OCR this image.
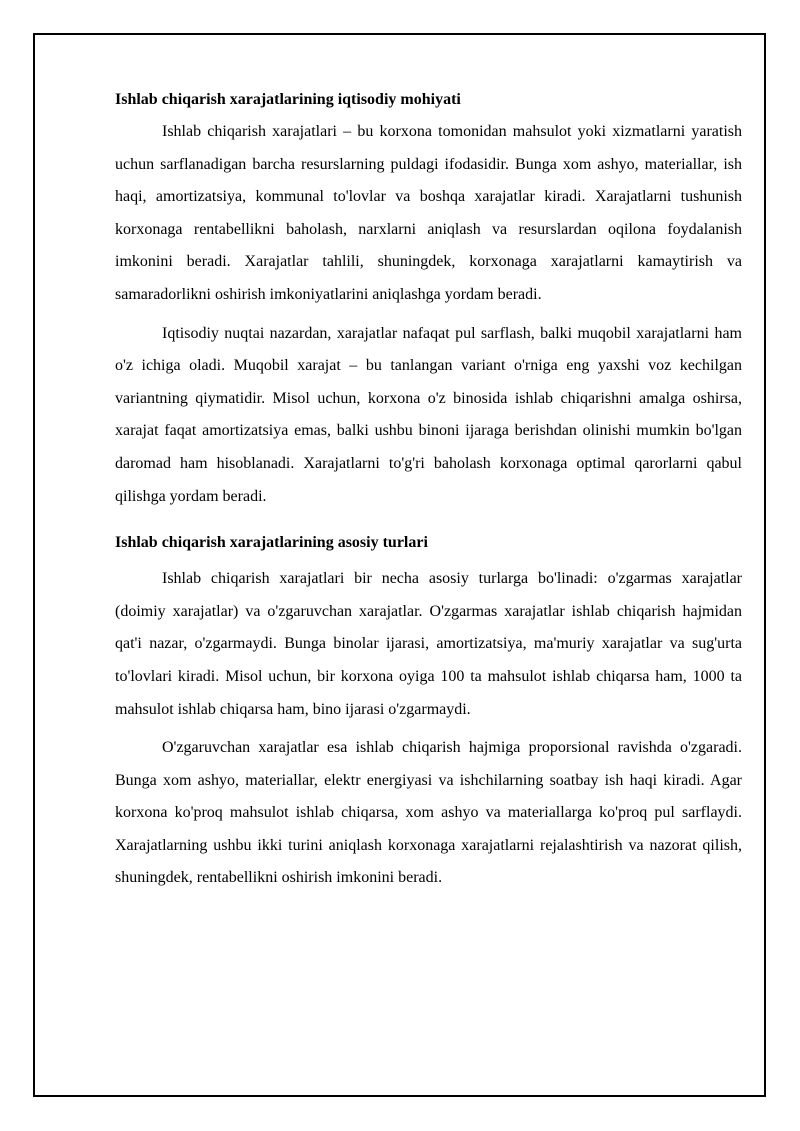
Ishlab chiqarish xarajatlarining iqtisodiy mohiyati

Ishlab chiqarish xarajatlari – bu korxona tomonidan mahsulot yoki xizmatlarni yaratish uchun sarflanadigan barcha resurslarning puldagi ifodasidir. Bunga xom ashyo, materiallar, ish haqi, amortizatsiya, kommunal to'lovlar va boshqa xarajatlar kiradi. Xarajatlarni tushunish korxonaga rentabellikni baholash, narxlarni aniqlash va resurslardan oqilona foydalanish imkonini beradi. Xarajatlar tahlili, shuningdek, korxonaga xarajatlarni kamaytirish va samaradorlikni oshirish imkoniyatlarini aniqlashga yordam beradi.

Iqtisodiy nuqtai nazardan, xarajatlar nafaqat pul sarflash, balki muqobil xarajatlarni ham o'z ichiga oladi. Muqobil xarajat – bu tanlangan variant o'rniga eng yaxshi voz kechilgan variantning qiymatidir. Misol uchun, korxona o'z binosida ishlab chiqarishni amalga oshirsa, xarajat faqat amortizatsiya emas, balki ushbu binoni ijaraga berishdan olinishi mumkin bo'lgan daromad ham hisoblanadi. Xarajatlarni to'g'ri baholash korxonaga optimal qarorlarni qabul qilishga yordam beradi.

Ishlab chiqarish xarajatlarining asosiy turlari

Ishlab chiqarish xarajatlari bir necha asosiy turlarga bo'linadi: o'zgarmas xarajatlar (doimiy xarajatlar) va o'zgaruvchan xarajatlar. O'zgarmas xarajatlar ishlab chiqarish hajmidan qat'i nazar, o'zgarmaydi. Bunga binolar ijarasi, amortizatsiya, ma'muriy xarajatlar va sug'urta to'lovlari kiradi. Misol uchun, bir korxona oyiga 100 ta mahsulot ishlab chiqarsa ham, 1000 ta mahsulot ishlab chiqarsa ham, bino ijarasi o'zgarmaydi.

O'zgaruvchan xarajatlar esa ishlab chiqarish hajmiga proporsional ravishda o'zgaradi. Bunga xom ashyo, materiallar, elektr energiyasi va ishchilarning soatbay ish haqi kiradi. Agar korxona ko'proq mahsulot ishlab chiqarsa, xom ashyo va materiallarga ko'proq pul sarflaydi. Xarajatlarning ushbu ikki turini aniqlash korxonaga xarajatlarni rejalashtirish va nazorat qilish, shuningdek, rentabellikni oshirish imkonini beradi.
